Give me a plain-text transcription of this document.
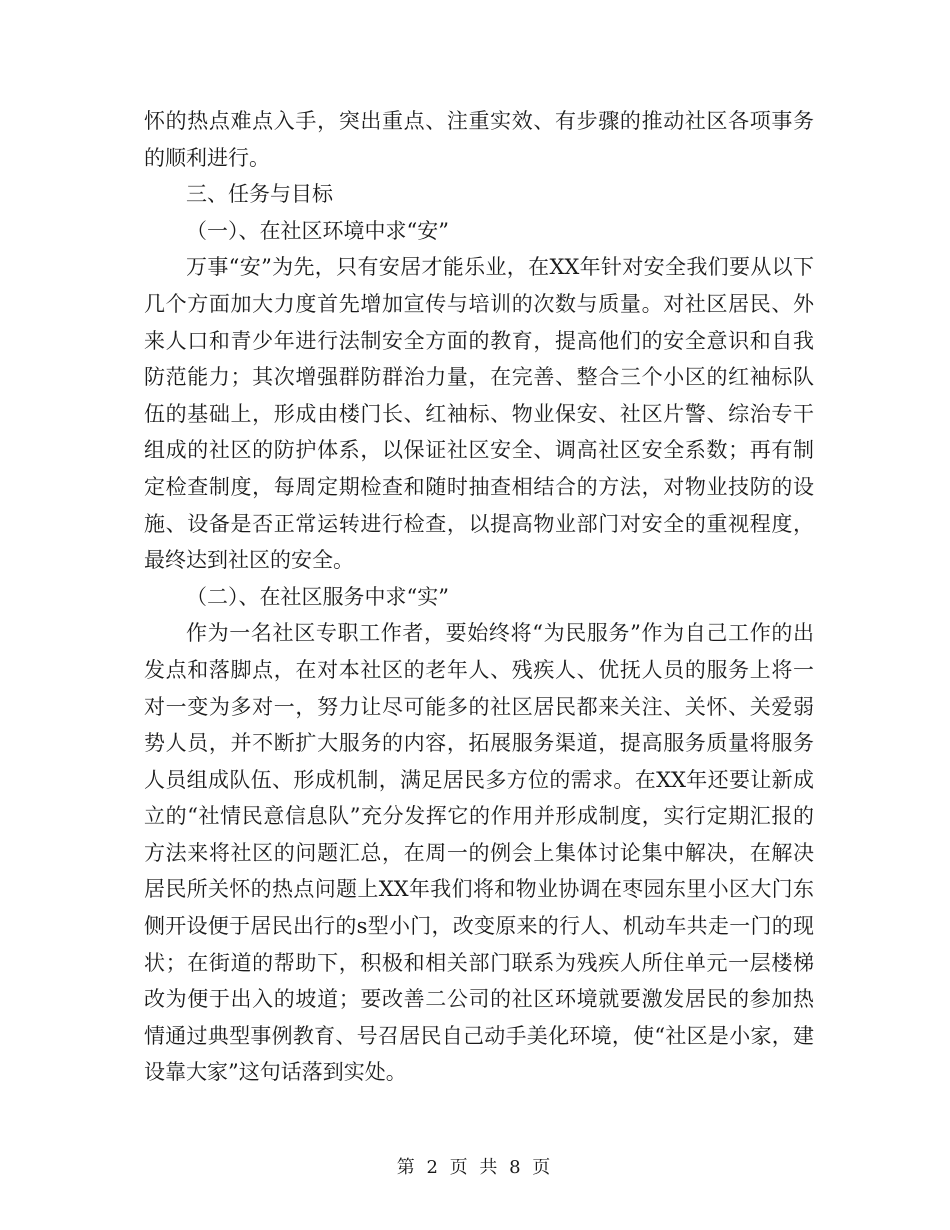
怀的热点难点入手，突出重点、注重实效、有步骤的推动社区各项事务的顺利进行。

三、任务与目标

（一）、在社区环境中求“安”

万事“安”为先，只有安居才能乐业，在XX年针对安全我们要从以下几个方面加大力度首先增加宣传与培训的次数与质量。对社区居民、外来人口和青少年进行法制安全方面的教育，提高他们的安全意识和自我防范能力；其次增强群防群治力量，在完善、整合三个小区的红袖标队伍的基础上，形成由楼门长、红袖标、物业保安、社区片警、综治专干组成的社区的防护体系，以保证社区安全、调高社区安全系数；再有制定检查制度，每周定期检查和随时抽查相结合的方法，对物业技防的设施、设备是否正常运转进行检查，以提高物业部门对安全的重视程度，最终达到社区的安全。

（二）、在社区服务中求“实”

作为一名社区专职工作者，要始终将“为民服务”作为自己工作的出发点和落脚点，在对本社区的老年人、残疾人、优抚人员的服务上将一对一变为多对一，努力让尽可能多的社区居民都来关注、关怀、关爱弱势人员，并不断扩大服务的内容，拓展服务渠道，提高服务质量将服务人员组成队伍、形成机制，满足居民多方位的需求。在XX年还要让新成立的“社情民意信息队”充分发挥它的作用并形成制度，实行定期汇报的方法来将社区的问题汇总，在周一的例会上集体讨论集中解决，在解决居民所关怀的热点问题上XX年我们将和物业协调在枣园东里小区大门东侧开设便于居民出行的s型小门，改变原来的行人、机动车共走一门的现状；在街道的帮助下，积极和相关部门联系为残疾人所住单元一层楼梯改为便于出入的坡道；要改善二公司的社区环境就要激发居民的参加热情通过典型事例教育、号召居民自己动手美化环境，使“社区是小家，建设靠大家”这句话落到实处。

第 2 页 共 8 页
